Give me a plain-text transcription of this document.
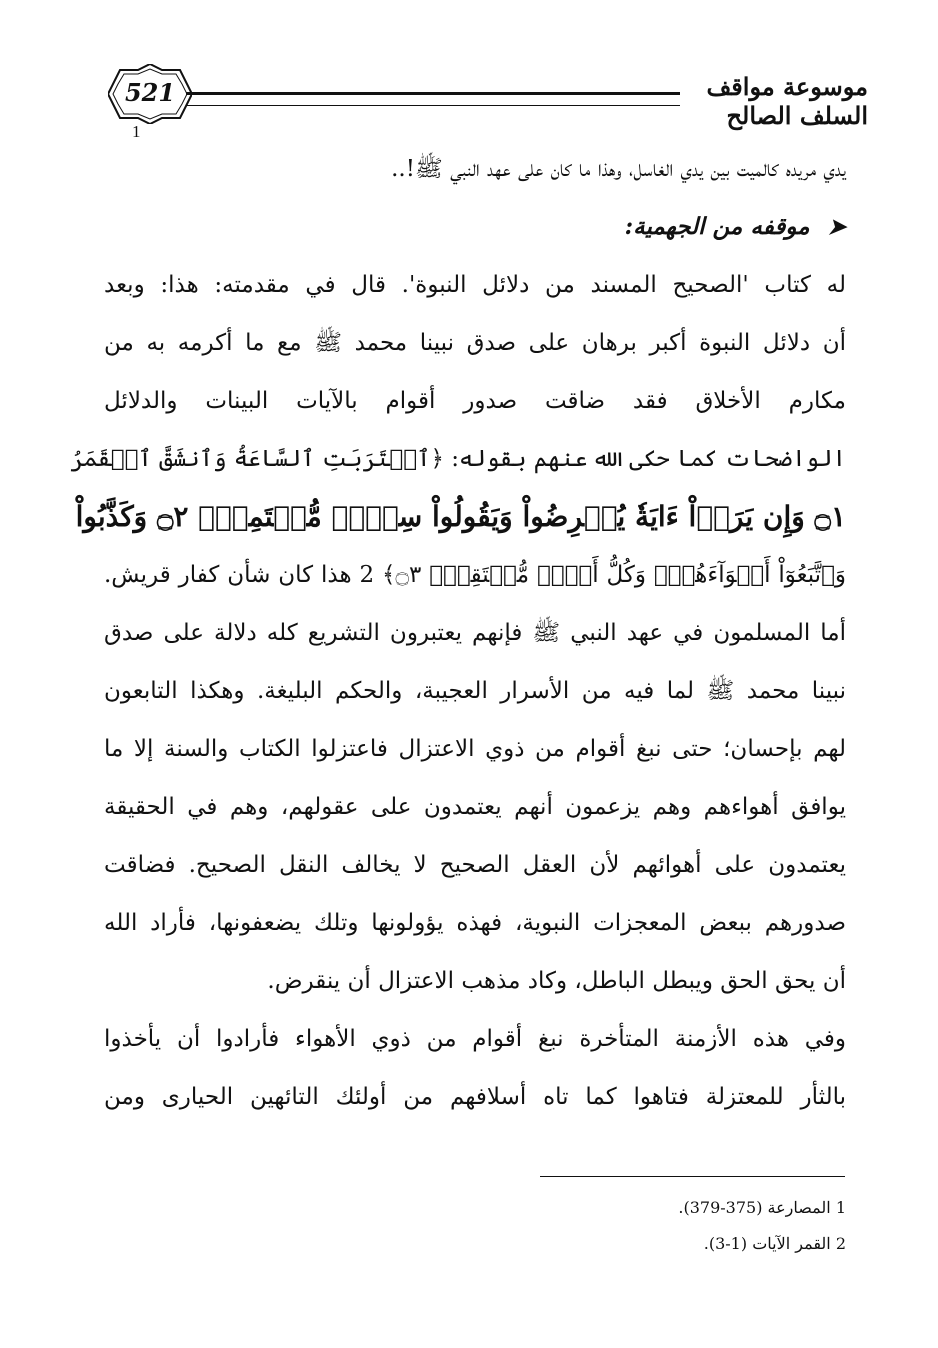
521	موسوعة مواقف السلف الصالح
1
يدي مريده كالميت بين يدي الغاسل، وهذا ما كان على عهد النبي ﷺ!..
➤ موقفه من الجهمية:
له كتاب 'الصحيح المسند من دلائل النبوة'. قال في مقدمته: هذا: وبعد
أن دلائل النبوة أكبر برهان على صدق نبينا محمد ﷺ مع ما أكرمه به من
مكارم الأخلاق فقد ضاقت صدور أقوام بالآيات البينات والدلائل
الواضحات كما حكى الله عنهم بقوله: ﴿ٱقۡتَرَبَتِ ٱلسَّاعَةُ وَٱنشَقَّ ٱلۡقَمَرُ
۝١ وَإِن يَرَوۡاْ ءَايَةٗ يُعۡرِضُواْ وَيَقُولُواْ سِحۡرٞ مُّسۡتَمِرّٞ ۝٢ وَكَذَّبُواْ
وَٱتَّبَعُوٓاْ أَهۡوَآءَهُمۡۚ وَكُلُّ أَمۡرٖ مُّسۡتَقِرّٞ ۝٣﴾ 2 هذا كان شأن كفار قريش.
أما المسلمون في عهد النبي ﷺ فإنهم يعتبرون التشريع كله دلالة على صدق
نبينا محمد ﷺ لما فيه من الأسرار العجيبة، والحكم البليغة. وهكذا التابعون
لهم بإحسان؛ حتى نبغ أقوام من ذوي الاعتزال فاعتزلوا الكتاب والسنة إلا ما
يوافق أهواءهم وهم يزعمون أنهم يعتمدون على عقولهم، وهم في الحقيقة
يعتمدون على أهوائهم لأن العقل الصحيح لا يخالف النقل الصحيح. فضاقت
صدورهم ببعض المعجزات النبوية، فهذه يؤولونها وتلك يضعفونها، فأراد الله
أن يحق الحق ويبطل الباطل، وكاد مذهب الاعتزال أن ينقرض.
وفي هذه الأزمنة المتأخرة نبغ أقوام من ذوي الأهواء فأرادوا أن يأخذوا
بالثأر للمعتزلة فتاهوا كما تاه أسلافهم من أولئك التائهين الحيارى ومن
1 المصارعة (375-379).
2 القمر الآيات (1-3).
